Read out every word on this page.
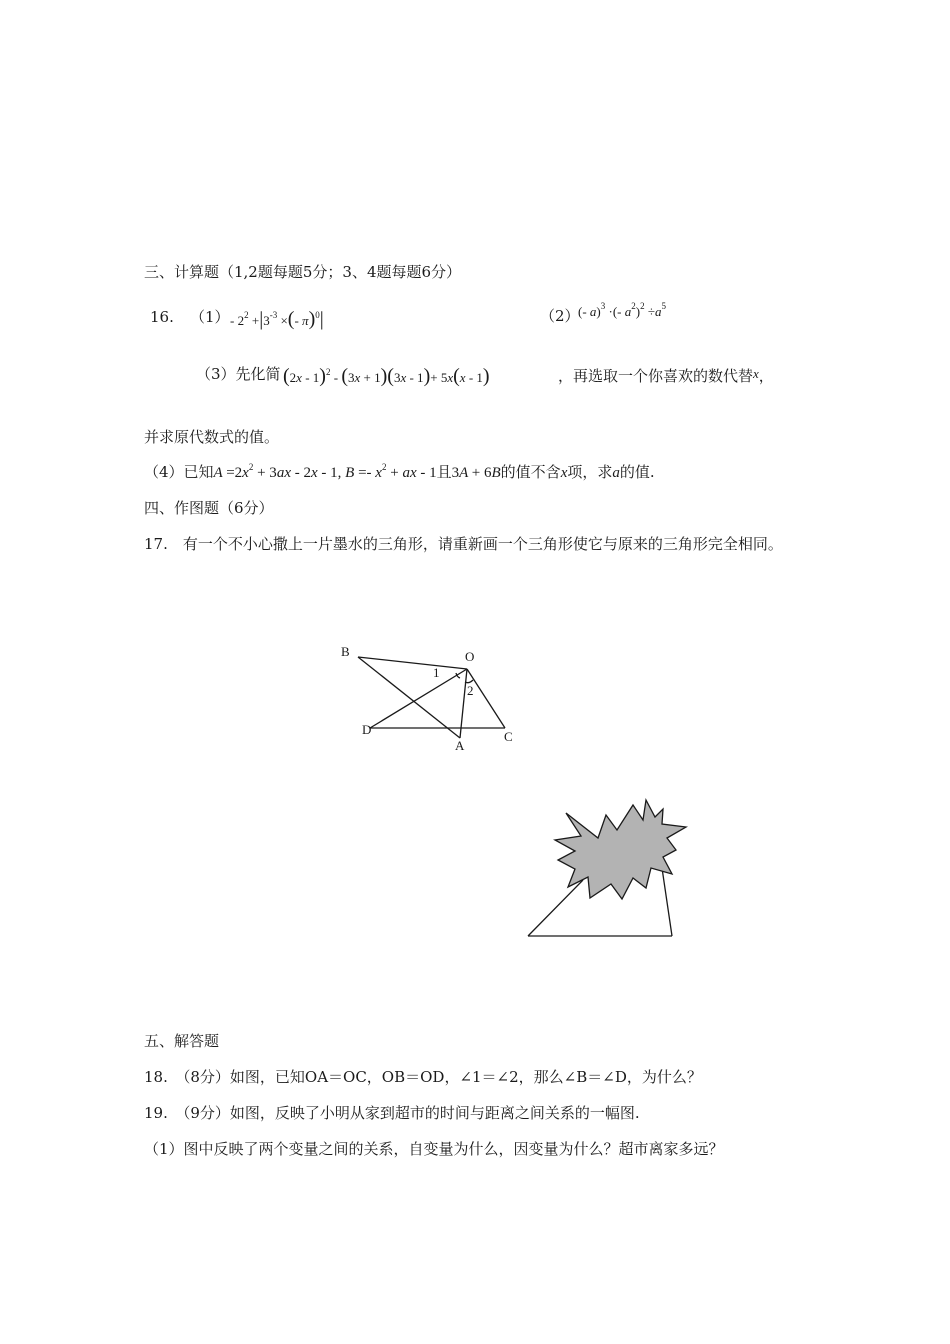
三、计算题（1,2题每题5分；3、4题每题6分）
16. $(1) - 2^2 +|3^{-3}$ ×(- π)$^0$|	（2）
(- a)$^3$ ·(- $a^2)^2 \div a^5$
（3）先化简 (2x - 1)$^2$ - (3x + 1)(3x - 1)+ 5x(x - 1)	，再选取一个你喜欢的数代替x，
并求原代数式的值。
（4）已知$A =2x^2 + 3ax - 2x - 1$, $B =- x^2$ + ax - 1且3A + 6B的值不含x项，求a的值.
四、作图题（6分）
17.　有一个不小心撒上一片墨水的三角形，请重新画一个三角形使它与原来的三角形完全相同。
B	O
D
A
C
1
2
五、解答题
18.　（8分）如图，已知OA＝OC，OB＝OD，∠1＝∠2，那么∠B＝∠D，为什么？
19.　（9分）如图，反映了小明从家到超市的时间与距离之间关系的一幅图.
（1）图中反映了两个变量之间的关系，自变量为什么，因变量为什么？超市离家多远？
